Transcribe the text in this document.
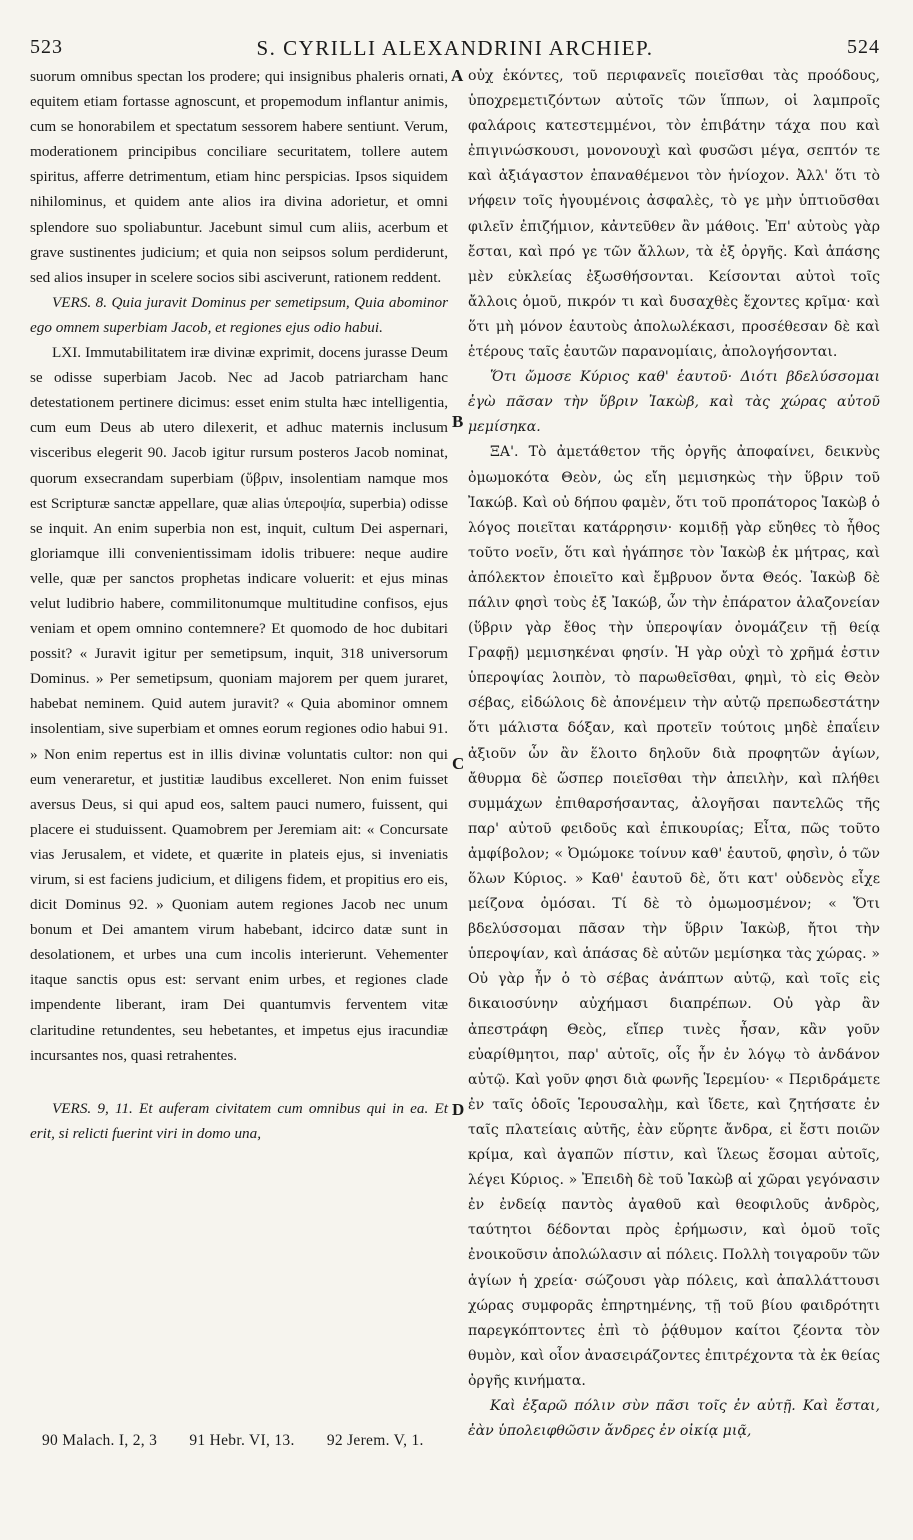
523	S. CYRILLI ALEXANDRINI ARCHIEP.	524

suorum omnibus spectan los prodere; qui insignibus phaleris ornati, equitem etiam fortasse agnoscunt, et propemodum inflantur animis, cum se honorabilem et spectatum sessorem habere sentiunt. Verum, moderationem principibus conciliare securitatem, tollere autem spiritus, afferre detrimentum, etiam hinc perspicias. Ipsos siquidem nihilominus, et quidem ante alios ira divina adorietur, et omni splendore suo spoliabuntur. Jacebunt simul cum aliis, acerbum et grave sustinentes judicium; et quia non seipsos solum perdiderunt, sed alios insuper in scelere socios sibi asciverunt, rationem reddent.

VERS. 8. Quia juravit Dominus per semetipsum, Quia abominor ego omnem superbiam Jacob, et regiones ejus odio habui.

LXI. Immutabilitatem iræ divinæ exprimit, docens jurasse Deum se odisse superbiam Jacob. Nec ad Jacob patriarcham hanc detestationem pertinere dicimus: esset enim stulta hæc intelligentia, cum eum Deus ab utero dilexerit, et adhuc maternis inclusum visceribus elegerit 90. Jacob igitur rursum posteros Jacob nominat, quorum exsecrandam superbiam (ὕβριν, insolentiam namque mos est Scripturæ sanctæ appellare, quæ alias ὑπεροψία, superbia) odisse se inquit. An enim superbia non est, inquit, cultum Dei aspernari, gloriamque illi convenientissimam idolis tribuere: neque audire velle, quæ per sanctos prophetas indicare voluerit: et ejus minas velut ludibrio habere, commilitonumque multitudine confisos, ejus veniam et opem omnino contemnere? Et quomodo de hoc dubitari possit? « Juravit igitur per semetipsum, inquit, 318 universorum Dominus. » Per semetipsum, quoniam majorem per quem juraret, habebat neminem. Quid autem juravit? « Quia abominor omnem insolentiam, sive superbiam et omnes eorum regiones odio habui 91. » Non enim repertus est in illis divinæ voluntatis cultor: non qui eum veneraretur, et justitiæ laudibus excelleret. Non enim fuisset aversus Deus, si qui apud eos, saltem pauci numero, fuissent, qui placere ei studuissent. Quamobrem per Jeremiam ait: « Concursate vias Jerusalem, et videte, et quærite in plateis ejus, si inveniatis virum, si est faciens judicium, et diligens fidem, et propitius ero eis, dicit Dominus 92. » Quoniam autem regiones Jacob nec unum bonum et Dei amantem virum habebant, idcirco datæ sunt in desolationem, et urbes una cum incolis interierunt. Vehementer itaque sanctis opus est: servant enim urbes, et regiones clade impendente liberant, iram Dei quantumvis ferventem vitæ claritudine retundentes, seu hebetantes, et impetus ejus iracundiæ incursantes nos, quasi retrahentes.

VERS. 9, 11. Et auferam civitatem cum omnibus qui in ea. Et erit, si relicti fuerint viri in domo una,

οὐχ ἑκόντες, τοῦ περιφανεῖς ποιεῖσθαι τὰς προόδους, ὑποχρεμετιζόντων αὐτοῖς τῶν ἵππων, οἱ λαμπροῖς φαλάροις κατεστεμμένοι, τὸν ἐπιβάτην τάχα που καὶ ἐπιγινώσκουσι, μονονουχὶ καὶ φυσῶσι μέγα, σεπτόν τε καὶ ἀξιάγαστον ἐπαναθέμενοι τὸν ἡνίοχον. Ἀλλ' ὅτι τὸ νήφειν τοῖς ἡγουμένοις ἀσφαλὲς, τὸ γε μὴν ὑπτιοῦσθαι φιλεῖν ἐπιζήμιον, κἀντεῦθεν ἂν μάθοις. Ἐπ' αὐτοὺς γὰρ ἔσται, καὶ πρό γε τῶν ἄλλων, τὰ ἐξ ὀργῆς. Καὶ ἁπάσης μὲν εὐκλείας ἐξωσθήσονται. Κείσονται αὐτοὶ τοῖς ἄλλοις ὁμοῦ, πικρόν τι καὶ δυσαχθὲς ἔχοντες κρῖμα· καὶ ὅτι μὴ μόνον ἑαυτοὺς ἀπολωλέκασι, προσέθεσαν δὲ καὶ ἑτέρους ταῖς ἑαυτῶν παρανομίαις, ἀπολογήσονται.

Ὅτι ὤμοσε Κύριος καθ' ἑαυτοῦ· Διότι βδελύσσομαι ἐγὼ πᾶσαν τὴν ὕβριν Ἰακὼβ, καὶ τὰς χώρας αὐτοῦ μεμίσηκα.

ΞΑ'. Τὸ ἀμετάθετον τῆς ὀργῆς ἀποφαίνει, δεικνὺς ὀμωμοκότα Θεὸν, ὡς εἴη μεμισηκὼς τὴν ὕβριν τοῦ Ἰακώβ. Καὶ οὐ δήπου φαμὲν, ὅτι τοῦ προπάτορος Ἰακὼβ ὁ λόγος ποιεῖται κατάρρησιν· κομιδῇ γὰρ εὔηθες τὸ ἦθος τοῦτο νοεῖν, ὅτι καὶ ἠγάπησε τὸν Ἰακὼβ ἐκ μήτρας, καὶ ἀπόλεκτον ἐποιεῖτο καὶ ἔμβρυον ὄντα Θεός. Ἰακὼβ δὲ πάλιν φησὶ τοὺς ἐξ Ἰακώβ, ὧν τὴν ἐπάρατον ἀλαζονείαν (ὕβριν γὰρ ἔθος τὴν ὑπεροψίαν ὀνομάζειν τῇ θείᾳ Γραφῇ) μεμισηκέναι φησίν. Ἡ γὰρ οὐχὶ τὸ χρῆμά ἐστιν ὑπεροψίας λοιπὸν, τὸ παρωθεῖσθαι, φημὶ, τὸ εἰς Θεὸν σέβας, εἰδώλοις δὲ ἀπονέμειν τὴν αὐτῷ πρεπωδεστάτην ὅτι μάλιστα δόξαν, καὶ προτεῖν τούτοις μηδὲ ἐπαΐειν ἀξιοῦν ὧν ἂν ἕλοιτο δηλοῦν διὰ προφητῶν ἁγίων, ἄθυρμα δὲ ὥσπερ ποιεῖσθαι τὴν ἀπειλὴν, καὶ πλήθει συμμάχων ἐπιθαρσήσαντας, ἀλογῆσαι παντελῶς τῆς παρ' αὐτοῦ φειδοῦς καὶ ἐπικουρίας; Εἶτα, πῶς τοῦτο ἀμφίβολον; « Ὀμώμοκε τοίνυν καθ' ἑαυτοῦ, φησὶν, ὁ τῶν ὅλων Κύριος. » Καθ' ἑαυτοῦ δὲ, ὅτι κατ' οὐδενὸς εἶχε μείζονα ὀμόσαι. Τί δὲ τὸ ὀμωμοσμένον; « Ὅτι βδελύσσομαι πᾶσαν τὴν ὕβριν Ἰακὼβ, ἤτοι τὴν ὑπεροψίαν, καὶ ἁπάσας δὲ αὐτῶν μεμίσηκα τὰς χώρας. » Οὐ γὰρ ἦν ὁ τὸ σέβας ἀνάπτων αὐτῷ, καὶ τοῖς εἰς δικαιοσύνην αὐχήμασι διαπρέπων. Οὐ γὰρ ἂν ἀπεστράφη Θεὸς, εἴπερ τινὲς ἦσαν, κἂν γοῦν εὐαρίθμητοι, παρ' αὐτοῖς, οἷς ἦν ἐν λόγῳ τὸ ἀνδάνον αὐτῷ. Καὶ γοῦν φησι διὰ φωνῆς Ἱερεμίου· « Περιδράμετε ἐν ταῖς ὁδοῖς Ἱερουσαλὴμ, καὶ ἴδετε, καὶ ζητήσατε ἐν ταῖς πλατείαις αὐτῆς, ἐὰν εὕρητε ἄνδρα, εἰ ἔστι ποιῶν κρίμα, καὶ ἀγαπῶν πίστιν, καὶ ἵλεως ἔσομαι αὐτοῖς, λέγει Κύριος. » Ἐπειδὴ δὲ τοῦ Ἰακὼβ αἱ χῶραι γεγόνασιν ἐν ἐνδείᾳ παντὸς ἀγαθοῦ καὶ θεοφιλοῦς ἀνδρὸς, ταύτητοι δέδονται πρὸς ἐρήμωσιν, καὶ ὁμοῦ τοῖς ἐνοικοῦσιν ἀπολώλασιν αἱ πόλεις. Πολλὴ τοιγαροῦν τῶν ἁγίων ἡ χρεία· σώζουσι γὰρ πόλεις, καὶ ἀπαλλάττουσι χώρας συμφορᾶς ἐπηρτημένης, τῇ τοῦ βίου φαιδρότητι παρεγκόπτοντες ἐπὶ τὸ ῥᾴθυμον καίτοι ζέοντα τὸν θυμὸν, καὶ οἷον ἀνασειράζοντες ἐπιτρέχοντα τὰ ἐκ θείας ὀργῆς κινήματα.

Καὶ ἐξαρῶ πόλιν σὺν πᾶσι τοῖς ἐν αὐτῇ. Καὶ ἔσται, ἐὰν ὑπολειφθῶσιν ἄνδρες ἐν οἰκίᾳ μιᾷ,

A
B
C
D
90 Malach. I, 2, 3 91 Hebr. VI, 13. 92 Jerem. V, 1.
